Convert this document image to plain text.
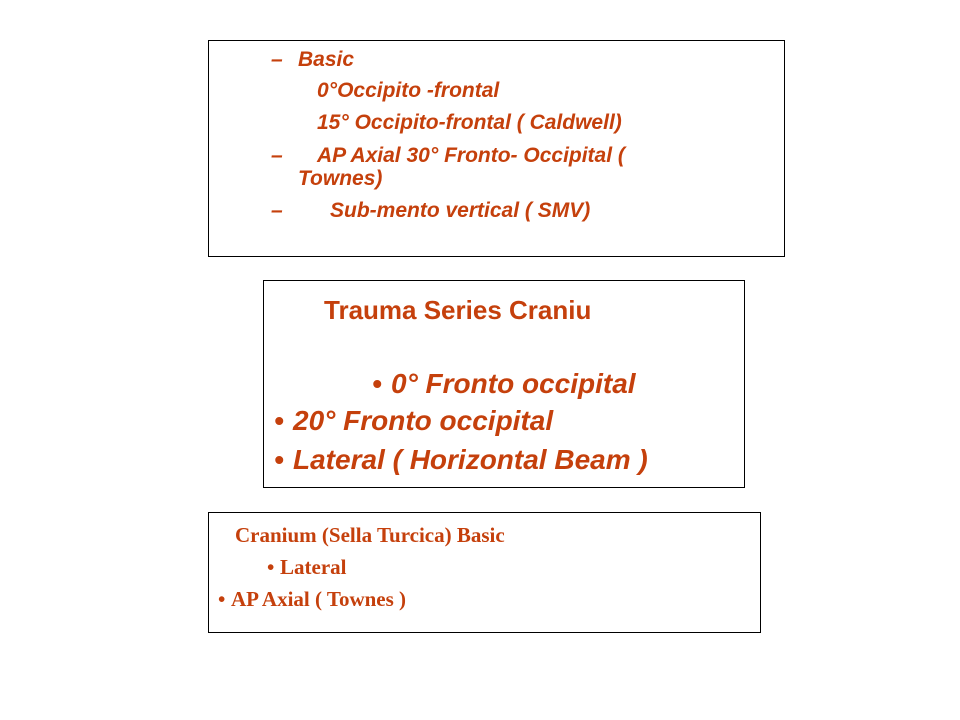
– Basic
0°Occipito -frontal
15° Occipito-frontal ( Caldwell)
– AP Axial 30° Fronto- Occipital (
Townes)
– Sub-mento vertical ( SMV)
Trauma Series Craniu
• 0° Fronto occipital
• 20° Fronto occipital
• Lateral ( Horizontal Beam )
Cranium (Sella Turcica) Basic
• Lateral
• AP Axial ( Townes )
